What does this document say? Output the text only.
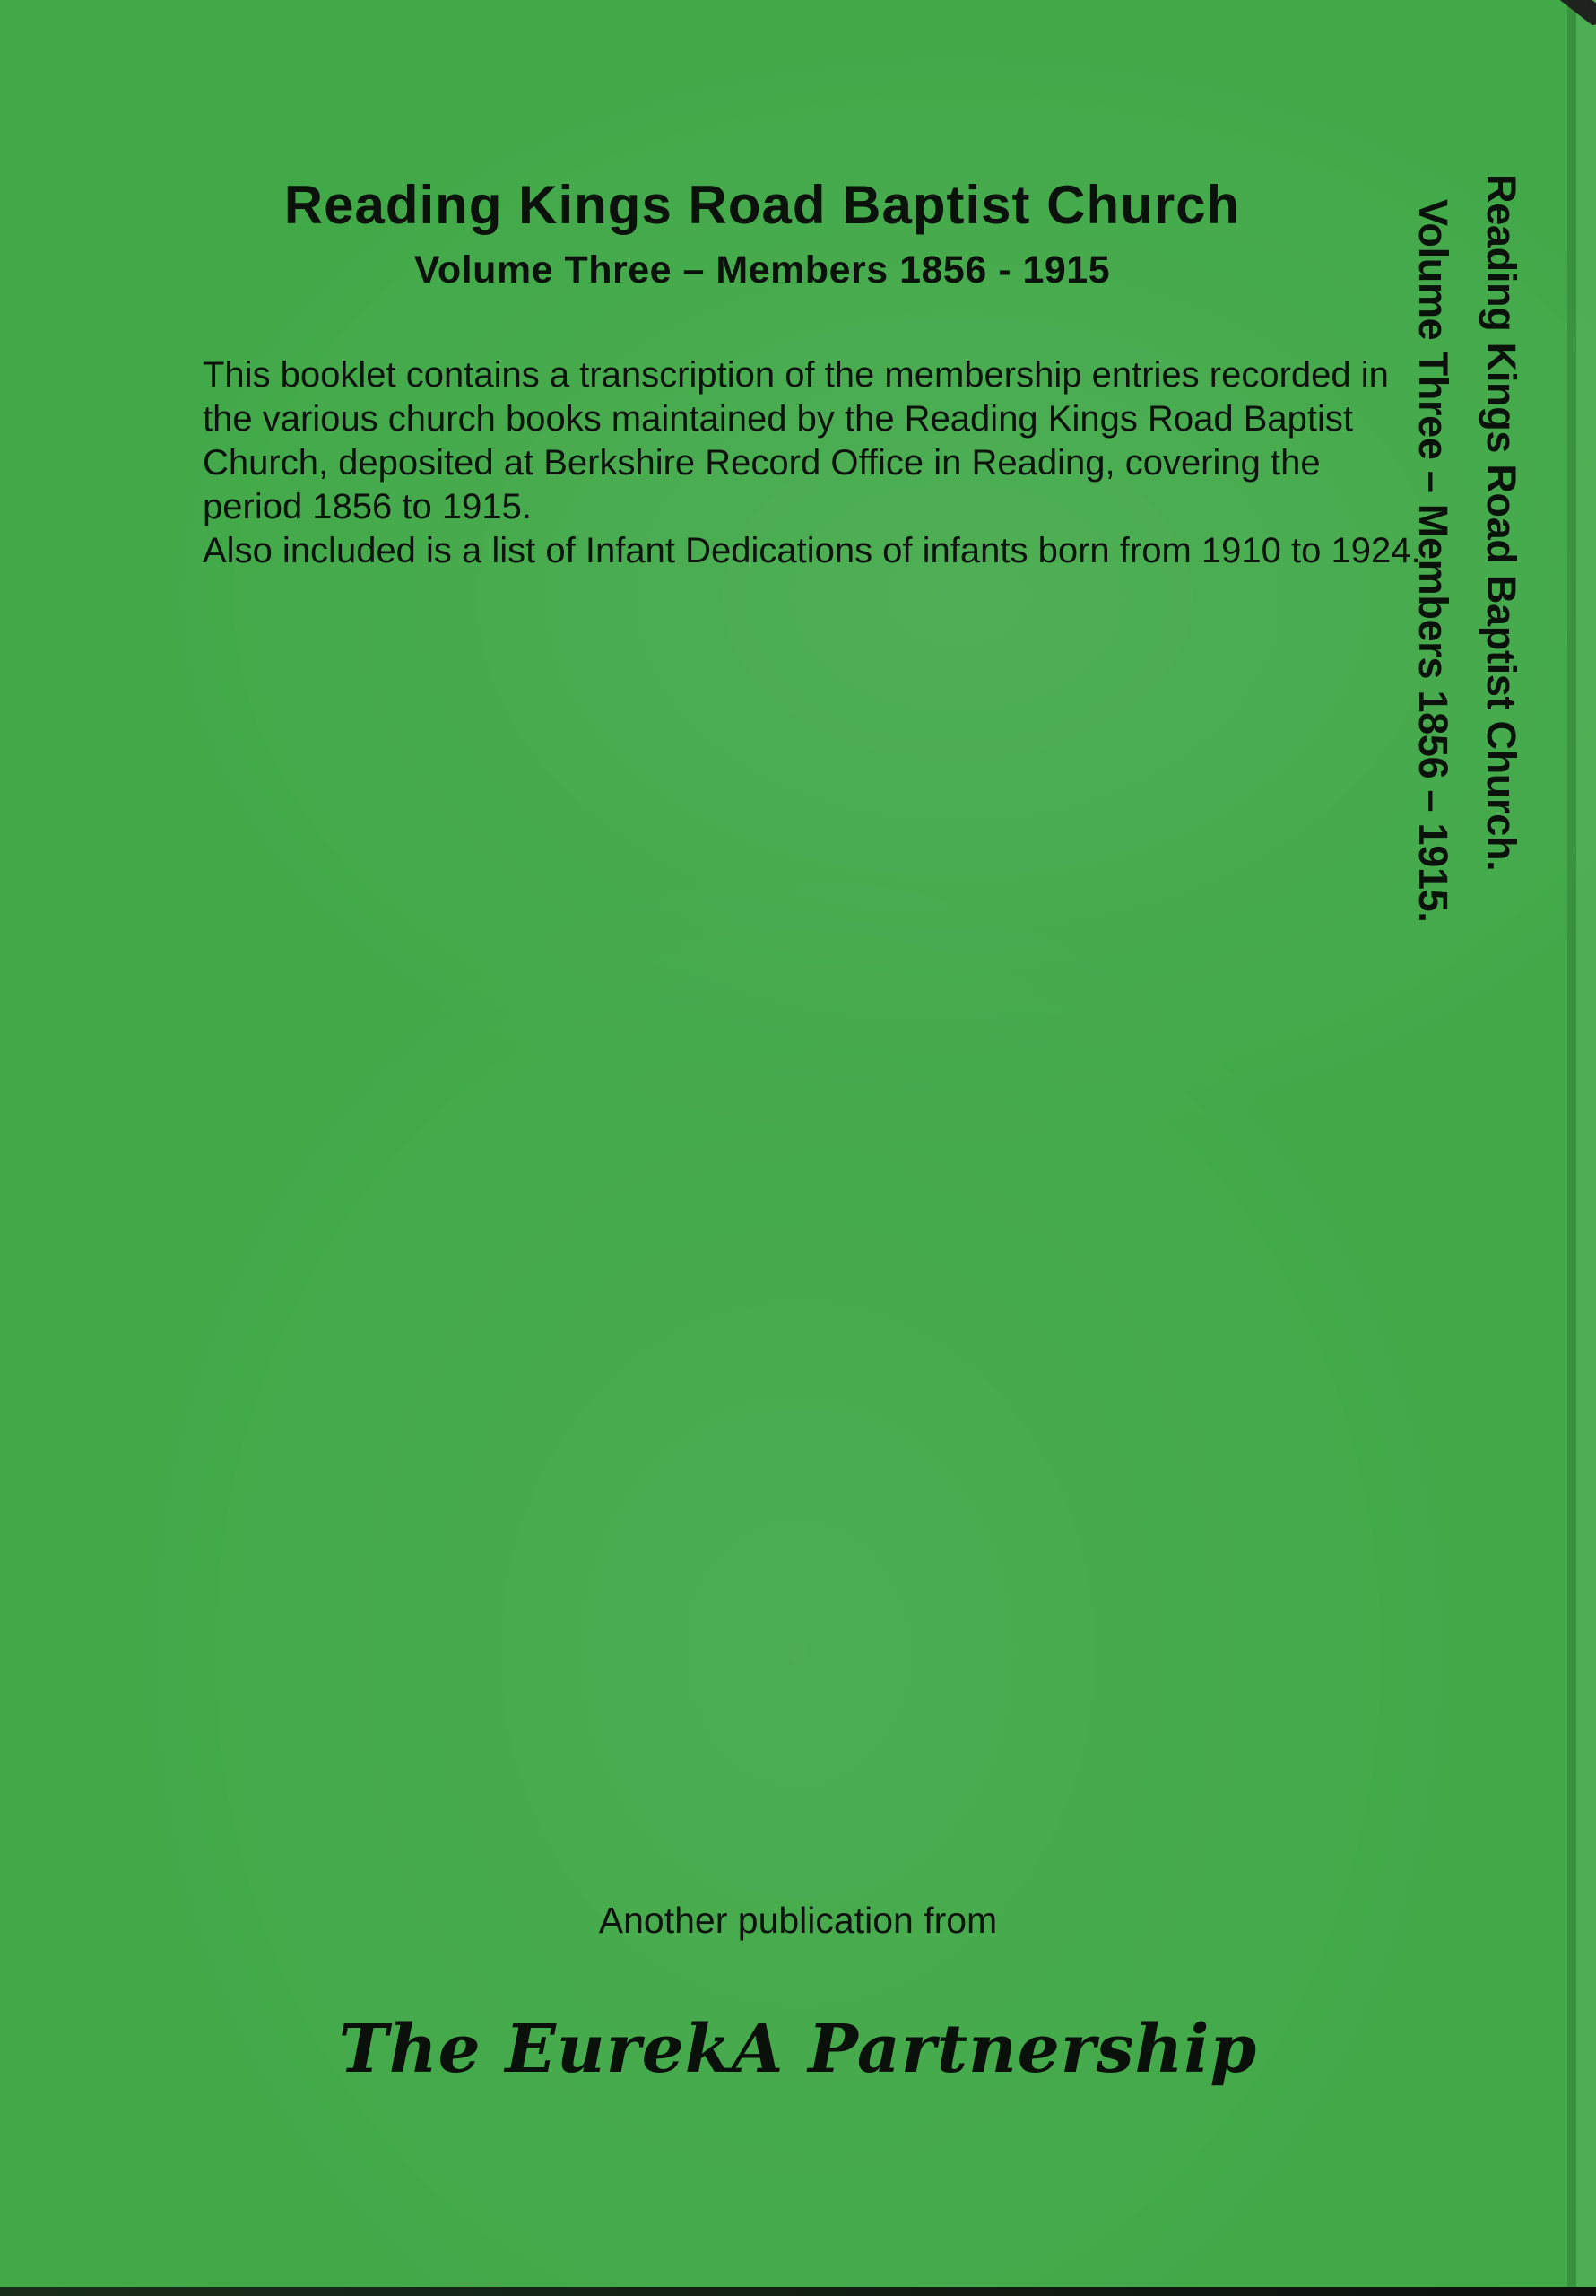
Reading Kings Road Baptist Church
Volume Three – Members 1856 - 1915
This booklet contains a transcription of the membership entries recorded in
the various church books maintained by the Reading Kings Road Baptist
Church, deposited at Berkshire Record Office in Reading, covering the
period 1856 to 1915.
Also included is a list of Infant Dedications of infants born from 1910 to 1924. Reading Kings Road Baptist Church.
Volume Three – Members 1856 – 1915.
Another publication from
The EurekA Partnership
